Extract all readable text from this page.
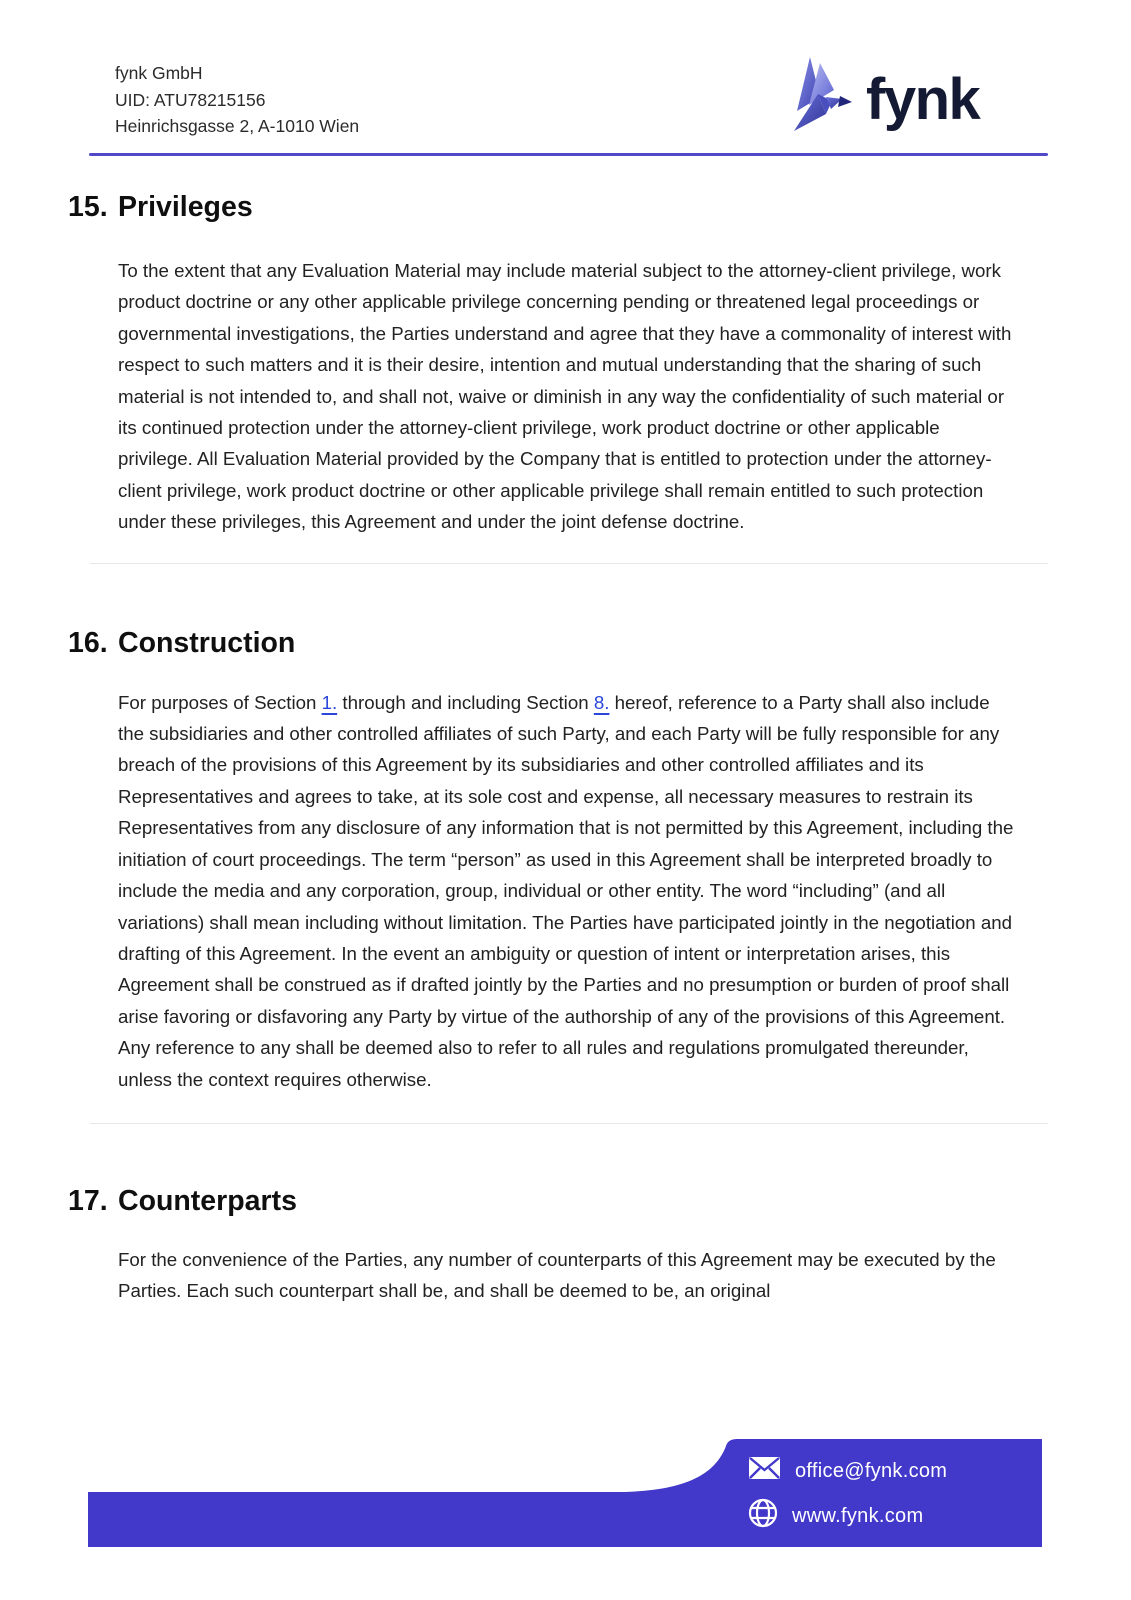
fynk GmbH
UID: ATU78215156
Heinrichsgasse 2, A-1010 Wien	fynk
15. Privileges
To the extent that any Evaluation Material may include material subject to the attorney-client privilege, work product doctrine or any other applicable privilege concerning pending or threatened legal proceedings or governmental investigations, the Parties understand and agree that they have a commonality of interest with respect to such matters and it is their desire, intention and mutual understanding that the sharing of such material is not intended to, and shall not, waive or diminish in any way the confidentiality of such material or its continued protection under the attorney-client privilege, work product doctrine or other applicable privilege. All Evaluation Material provided by the Company that is entitled to protection under the attorney-client privilege, work product doctrine or other applicable privilege shall remain entitled to such protection under these privileges, this Agreement and under the joint defense doctrine.
16. Construction
For purposes of Section 1. through and including Section 8. hereof, reference to a Party shall also include the subsidiaries and other controlled affiliates of such Party, and each Party will be fully responsible for any breach of the provisions of this Agreement by its subsidiaries and other controlled affiliates and its Representatives and agrees to take, at its sole cost and expense, all necessary measures to restrain its Representatives from any disclosure of any information that is not permitted by this Agreement, including the initiation of court proceedings. The term “person” as used in this Agreement shall be interpreted broadly to include the media and any corporation, group, individual or other entity. The word “including” (and all variations) shall mean including without limitation. The Parties have participated jointly in the negotiation and drafting of this Agreement. In the event an ambiguity or question of intent or interpretation arises, this Agreement shall be construed as if drafted jointly by the Parties and no presumption or burden of proof shall arise favoring or disfavoring any Party by virtue of the authorship of any of the provisions of this Agreement. Any reference to any shall be deemed also to refer to all rules and regulations promulgated thereunder, unless the context requires otherwise.
17. Counterparts
For the convenience of the Parties, any number of counterparts of this Agreement may be executed by the Parties. Each such counterpart shall be, and shall be deemed to be, an original
office@fynk.com
www.fynk.com
